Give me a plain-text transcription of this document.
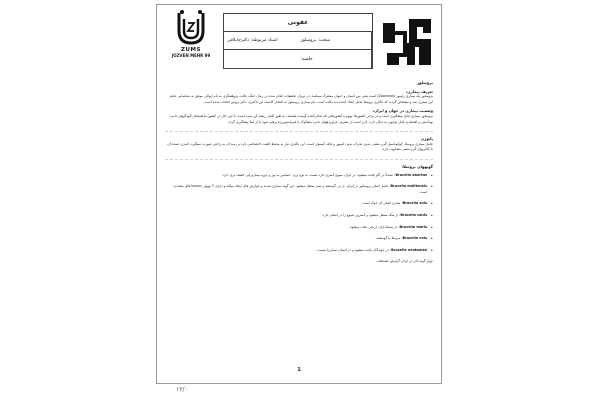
ZUMS
JOZVEN MEHR 99
عفونی
استاد مربوطه: دکترچاپلاقی	مبحث: بروسلوز
جلسه:
بروسلوز
تعریف بیماری:

بروسلوز یک بیماری زئونوز (Zoonosis) است یعنی بین انسان و حیوان مشترک میباشد. در دوران تحقیقات انجام شده در زمان جنگ، حالت پژوهشگری به نام اپوالی موفق به شناسایی عامل این بیماری شد و مشخص گردید که باکتری بروسلا عامل ایجاد کننده تب مالت است. نام بیماری بروسلوز به افتخار کاشف این باکتری، دکتر بروس انتخاب شده است.

وضعیت بیماری در جهان و ایران:

بروسلوز بیماری قابل پیشگیری است و در برخی کشورها، بهویژه کشورهایی که صادرکننده گوشت هستند، به طور کامل ریشه کن شده است. با این حال در کشور ما همچنان آلودگیهای دامی، بهداشتی و اقتصادی قابل توجهی به دنبال دارد. لازم است از مصرف فراوردههای دامی مشکوک یا غیرپاستوریزه پرهیز شود تا از ابتلا پیشگیری گردد.

پاتوژن

عامل بیماری بروسلا، کوکوباسیل گرم منفی، بدون تحرک، بدون اسپور و فاقد کپسول است. این باکتری نیاز به محیط کشت اختصاصی دارد و رشد آن به راحتی صورت نمیگیرد. آنتیژن عمده آن با باکتریهای گرم منفی مشابهت دارد.

گونههای بروسلا:
• Brucella abortus: عمدتاً در گاو یافت میشود. در ایران شیوع کمتری دارد نسبت به نوع بزی، حساس به نور و دوره بیماریزایی خفیف تری دارد.
• Brucella melitensis: عامل اصلی بروسلوز در ایران. از بز، گوسفند و شتر منتقل میشود. این گونه بیماری شدید و عوارض های ایجاد میکند و دارای ۳ بیووار biovar های متعددی است.
• Brucella suis: مخزن اصلی آن خوک است.
• Brucella canis: از سگ منتقل میشود و کمترین شیوع را در انسان دارد.
• Brucella maris: در پستانداران دریایی یافت میشود.
• Brucella ovis: مرتبط با گوسفند.
• Brucella neotomae: در جوندگان یافت میشود و در انسان بیماریزا نیست.

چهار گونه آخر در ایران گزارش نشدهاند.

1
۱۳/۰
